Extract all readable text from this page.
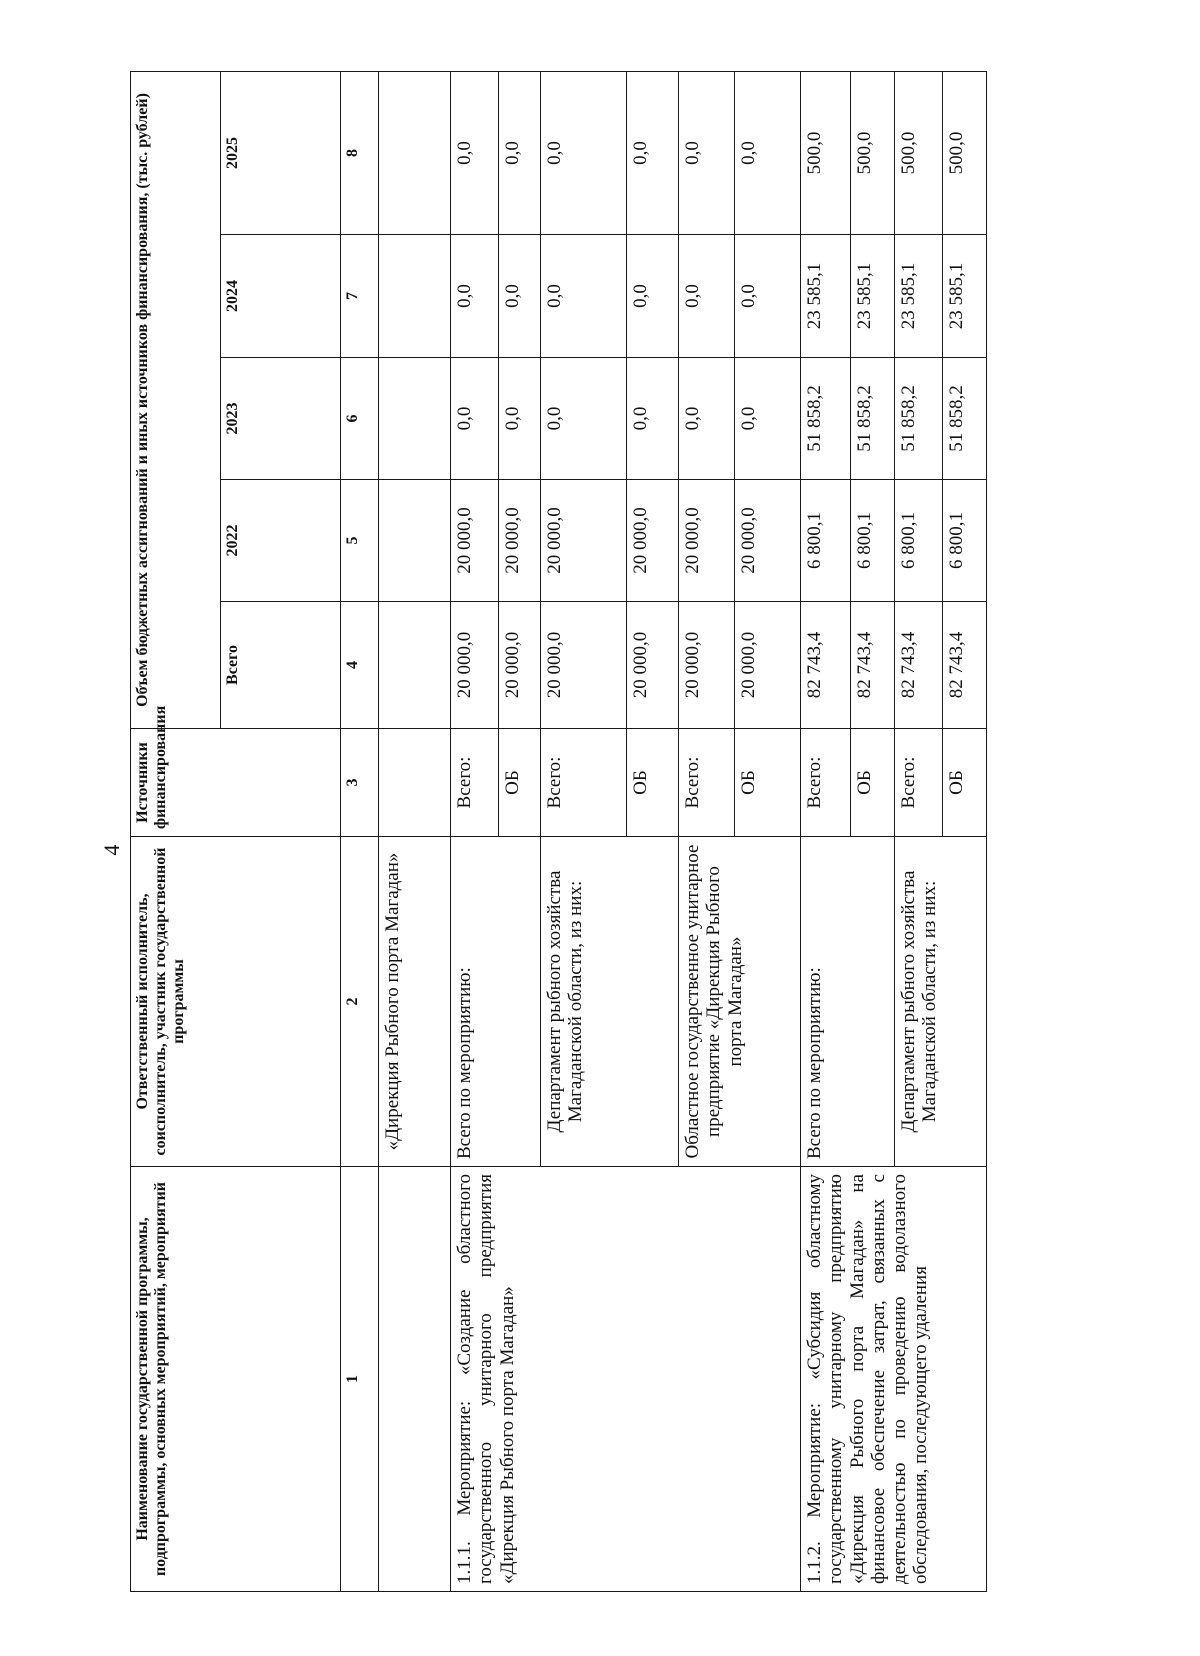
4
Наименование государственной программы, подпрограммы, основных мероприятий, мероприятий	Ответственный исполнитель, соисполнитель, участник государственной программы	Источники финансирования	Объем бюджетных ассигнований и иных источников финансирования, (тыс. рублей)				
			Всего	2022	2023	2024	2025
1	2	3	4	5	6	7	8
	«Дирекция Рыбного порта Магадан»						
1.1.1. Мероприятие: «Создание областного государственного унитарного предприятия «Дирекция Рыбного порта Магадан»	Всего по мероприятию:	Всего:	20 000,0	20 000,0	0,0	0,0	0,0
		ОБ	20 000,0	20 000,0	0,0	0,0	0,0
	Департамент рыбного хозяйства Магаданской области, из них:	Всего:	20 000,0	20 000,0	0,0	0,0	0,0
		ОБ	20 000,0	20 000,0	0,0	0,0	0,0
	Областное государственное унитарное предприятие «Дирекция Рыбного порта Магадан»	Всего:	20 000,0	20 000,0	0,0	0,0	0,0
		ОБ	20 000,0	20 000,0	0,0	0,0	0,0
1.1.2. Мероприятие: «Субсидия областному государственному унитарному предприятию «Дирекция Рыбного порта Магадан» на финансовое обеспечение затрат, связанных с деятельностью по проведению водолазного обследования, последующего удаления	Всего по мероприятию:	Всего:	82 743,4	6 800,1	51 858,2	23 585,1	500,0
		ОБ	82 743,4	6 800,1	51 858,2	23 585,1	500,0
	Департамент рыбного хозяйства Магаданской области, из них:	Всего:	82 743,4	6 800,1	51 858,2	23 585,1	500,0
		ОБ	82 743,4	6 800,1	51 858,2	23 585,1	500,0
